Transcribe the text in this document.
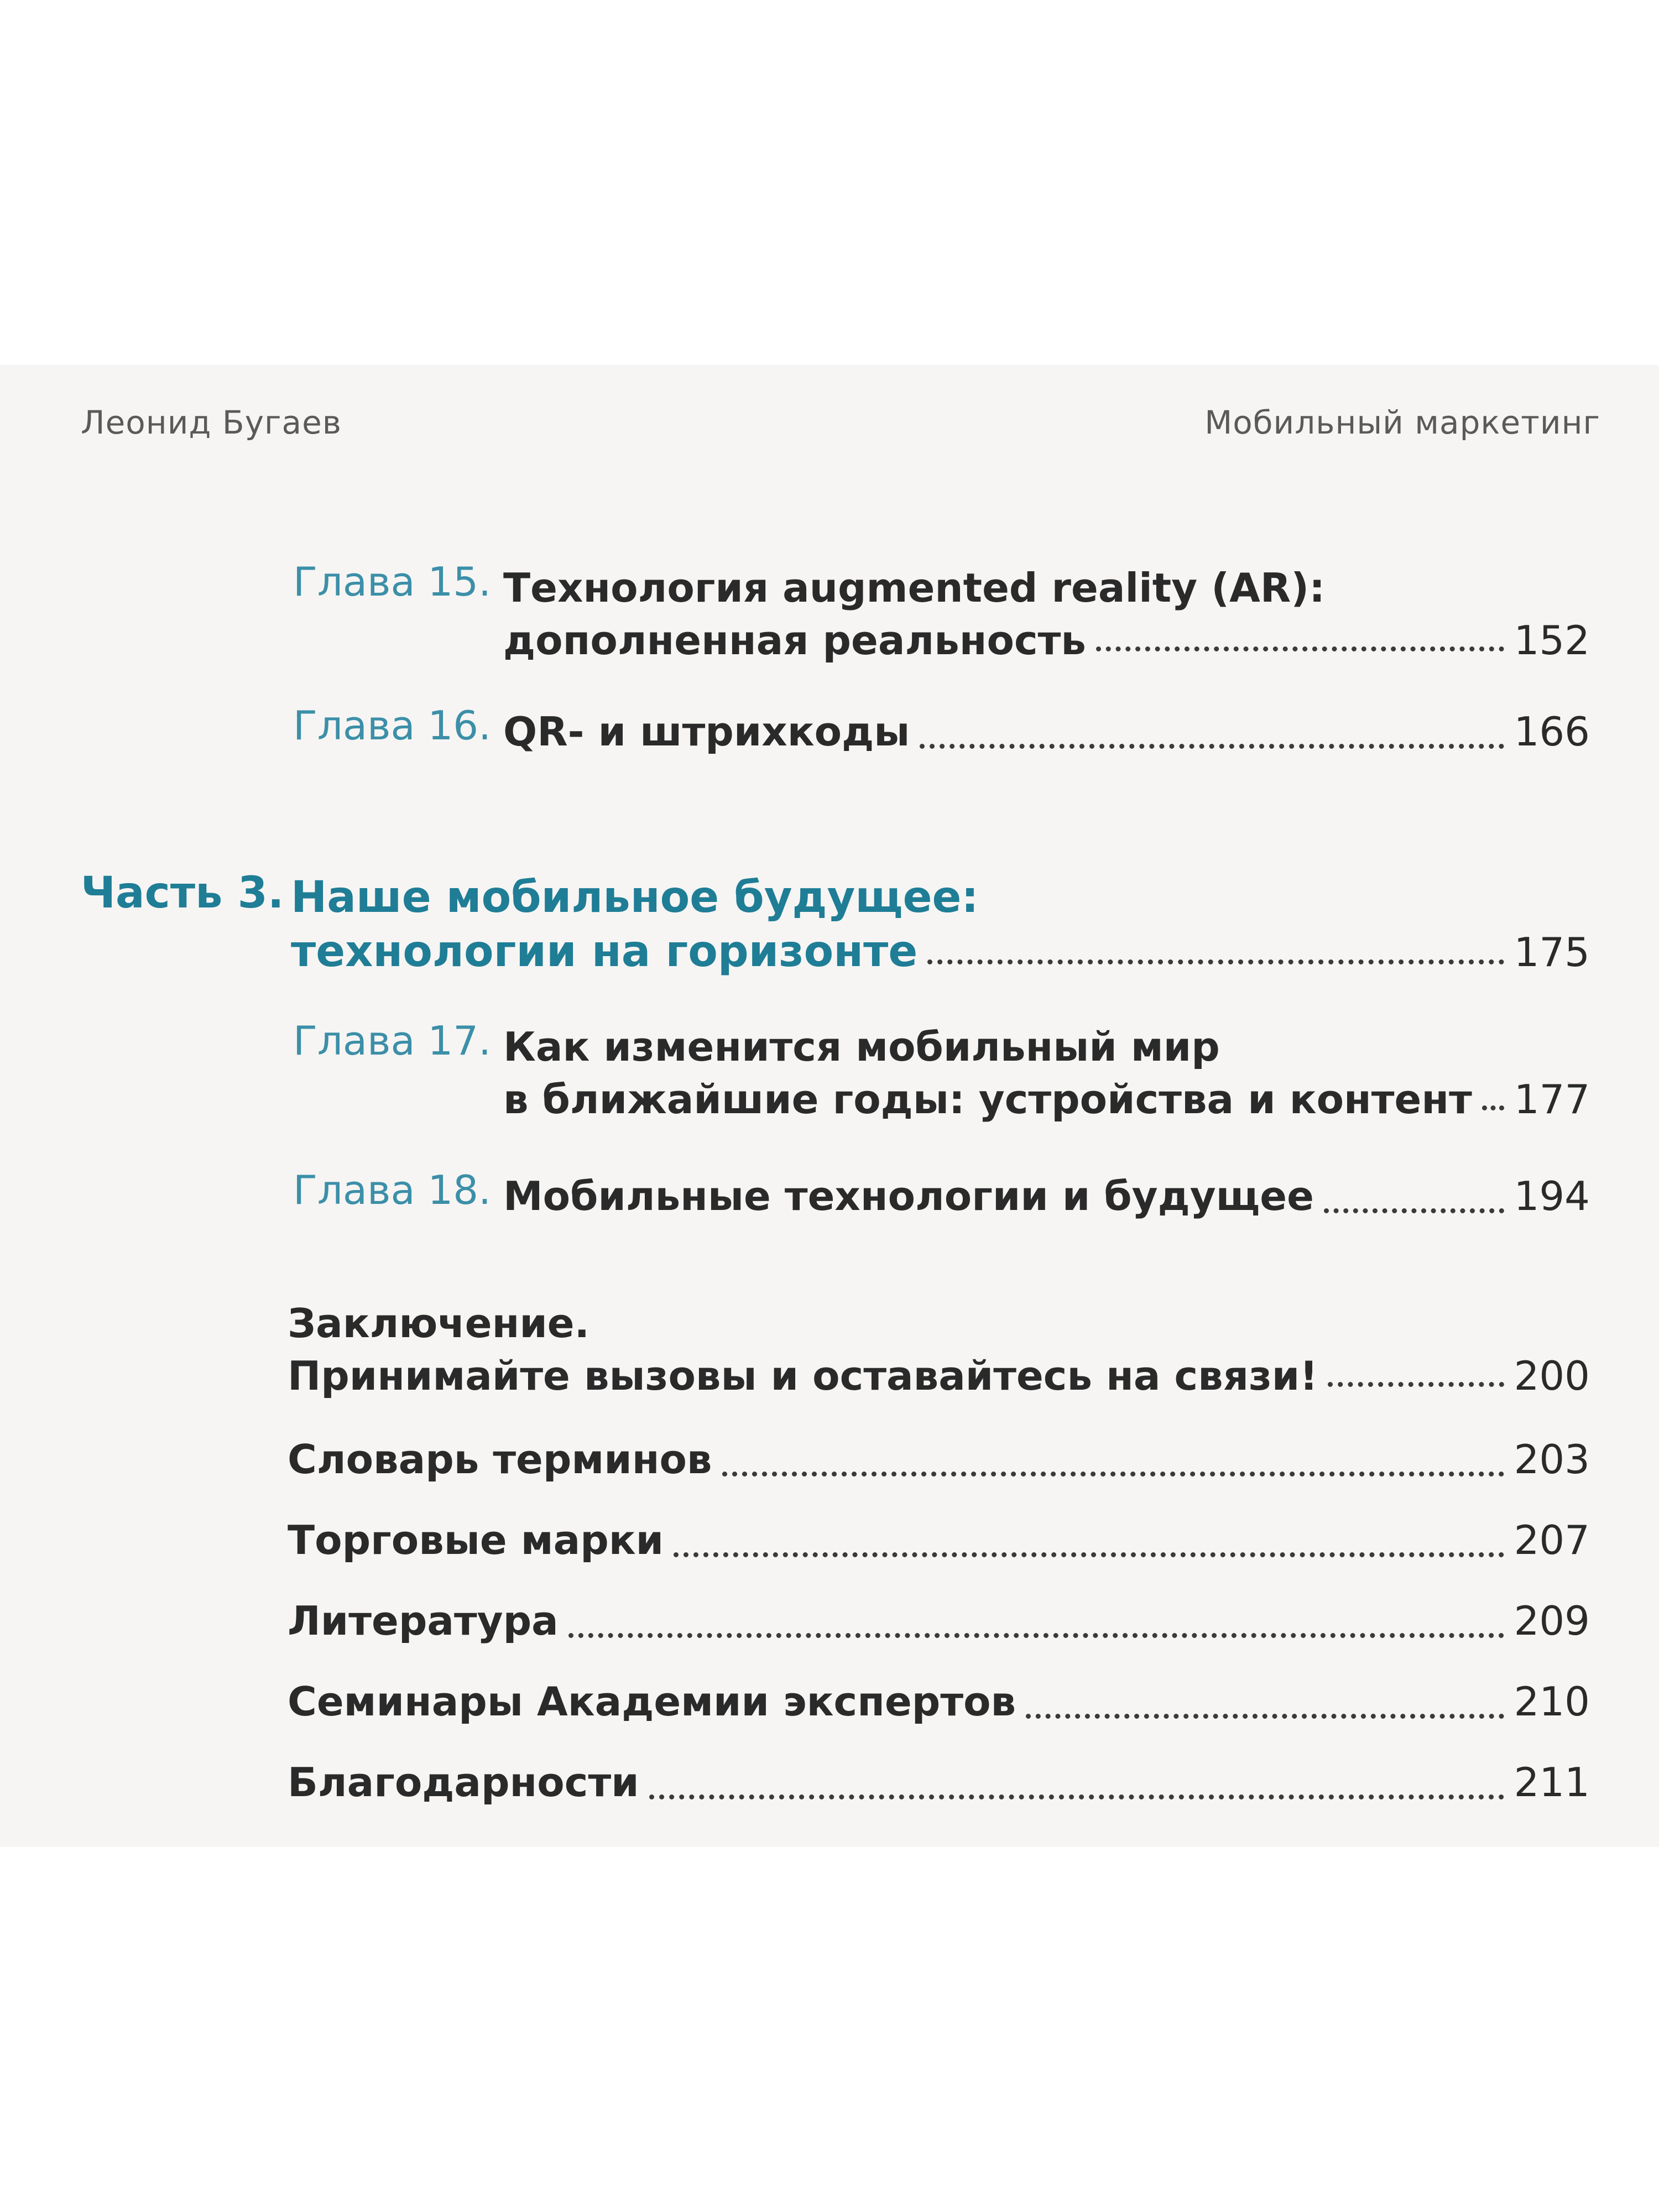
Леонид Бугаев	Мобильный маркетинг
Глава 15. Технология augmented reality (AR):
дополненная реальность	152
Глава 16. QR- и штрихкоды	166
Часть 3. Наше мобильное будущее:
технологии на горизонте	175
Глава 17. Как изменится мобильный мир
в ближайшие годы: устройства и контент 177
Глава 18. Мобильные технологии и будущее	194
Заключение.
Принимайте вызовы и оставайтесь на связи!	200
Словарь терминов	203
Торговые марки	207
Литература	209
Семинары Академии экспертов	210
Благодарности	211
